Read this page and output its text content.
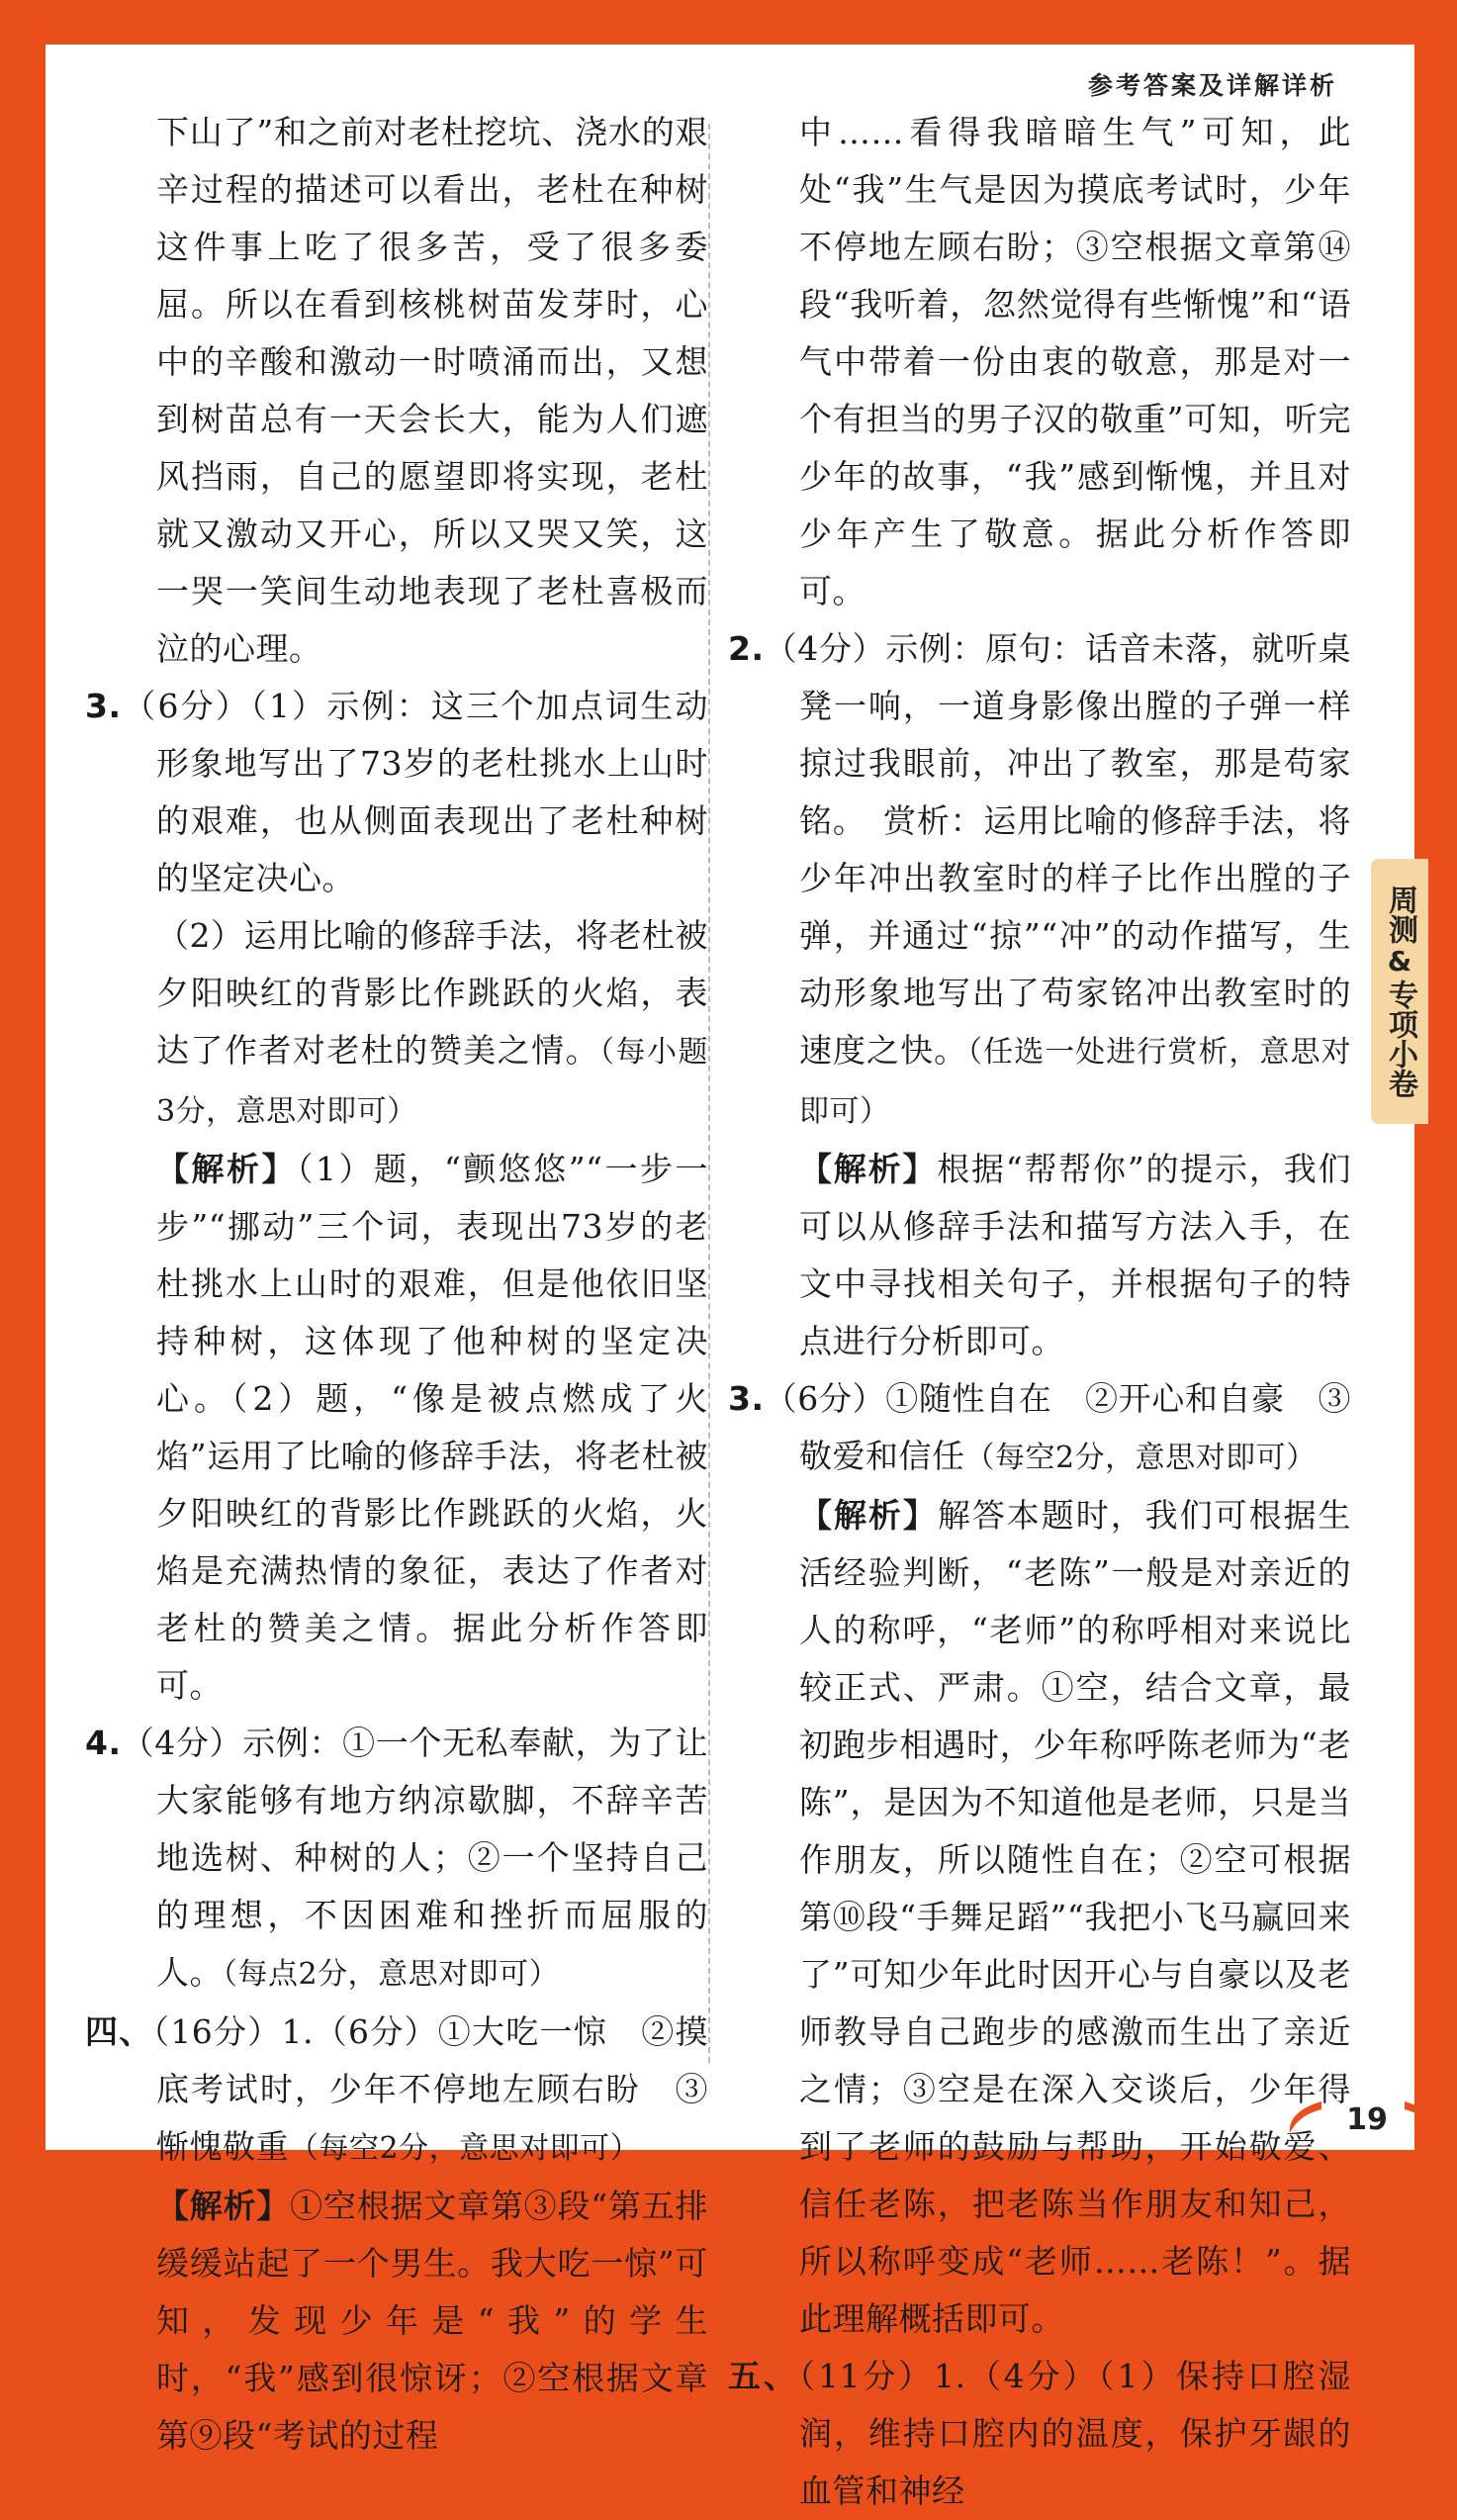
参考答案及详解详析

下山了”和之前对老杜挖坑、浇水的艰辛过程的描述可以看出，老杜在种树这件事上吃了很多苦，受了很多委屈。所以在看到核桃树苗发芽时，心中的辛酸和激动一时喷涌而出，又想到树苗总有一天会长大，能为人们遮风挡雨，自己的愿望即将实现，老杜就又激动又开心，所以又哭又笑，这一哭一笑间生动地表现了老杜喜极而泣的心理。

3.（6分）（1）示例：这三个加点词生动形象地写出了73岁的老杜挑水上山时的艰难，也从侧面表现出了老杜种树的坚定决心。

（2）运用比喻的修辞手法，将老杜被夕阳映红的背影比作跳跃的火焰，表达了作者对老杜的赞美之情。（每小题3分，意思对即可）

【解析】（1）题，“颤悠悠”“一步一步”“挪动”三个词，表现出73岁的老杜挑水上山时的艰难，但是他依旧坚持种树，这体现了他种树的坚定决心。（2）题，“像是被点燃成了火焰”运用了比喻的修辞手法，将老杜被夕阳映红的背影比作跳跃的火焰，火焰是充满热情的象征，表达了作者对老杜的赞美之情。据此分析作答即可。

4.（4分）示例：①一个无私奉献，为了让大家能够有地方纳凉歇脚，不辞辛苦地选树、种树的人；②一个坚持自己的理想，不因困难和挫折而屈服的人。（每点2分，意思对即可）

四、（16分）1.（6分）①大吃一惊　②摸底考试时，少年不停地左顾右盼　③惭愧敬重（每空2分，意思对即可）

【解析】①空根据文章第③段“第五排缓缓站起了一个男生。我大吃一惊”可知，发现少年是“我”的学生时，“我”感到很惊讶；②空根据文章第⑨段“考试的过程

中……看得我暗暗生气”可知，此处“我”生气是因为摸底考试时，少年不停地左顾右盼；③空根据文章第⑭段“我听着，忽然觉得有些惭愧”和“语气中带着一份由衷的敬意，那是对一个有担当的男子汉的敬重”可知，听完少年的故事，“我”感到惭愧，并且对少年产生了敬意。据此分析作答即可。

2.（4分）示例：原句：话音未落，就听桌凳一响，一道身影像出膛的子弹一样掠过我眼前，冲出了教室，那是苟家铭。　赏析：运用比喻的修辞手法，将少年冲出教室时的样子比作出膛的子弹，并通过“掠”“冲”的动作描写，生动形象地写出了苟家铭冲出教室时的速度之快。（任选一处进行赏析，意思对即可）

【解析】根据“帮帮你”的提示，我们可以从修辞手法和描写方法入手，在文中寻找相关句子，并根据句子的特点进行分析即可。

3.（6分）①随性自在　②开心和自豪　③敬爱和信任（每空2分，意思对即可）

【解析】解答本题时，我们可根据生活经验判断，“老陈”一般是对亲近的人的称呼，“老师”的称呼相对来说比较正式、严肃。①空，结合文章，最初跑步相遇时，少年称呼陈老师为“老陈”，是因为不知道他是老师，只是当作朋友，所以随性自在；②空可根据第⑩段“手舞足蹈”“我把小飞马赢回来了”可知少年此时因开心与自豪以及老师教导自己跑步的感激而生出了亲近之情；③空是在深入交谈后，少年得到了老师的鼓励与帮助，开始敬爱、信任老陈，把老陈当作朋友和知己，所以称呼变成“老师……老陈！”。据此理解概括即可。

五、（11分）1.（4分）（1）保持口腔湿润，维持口腔内的温度，保护牙龈的血管和神经

19
周测
&
专项小卷
